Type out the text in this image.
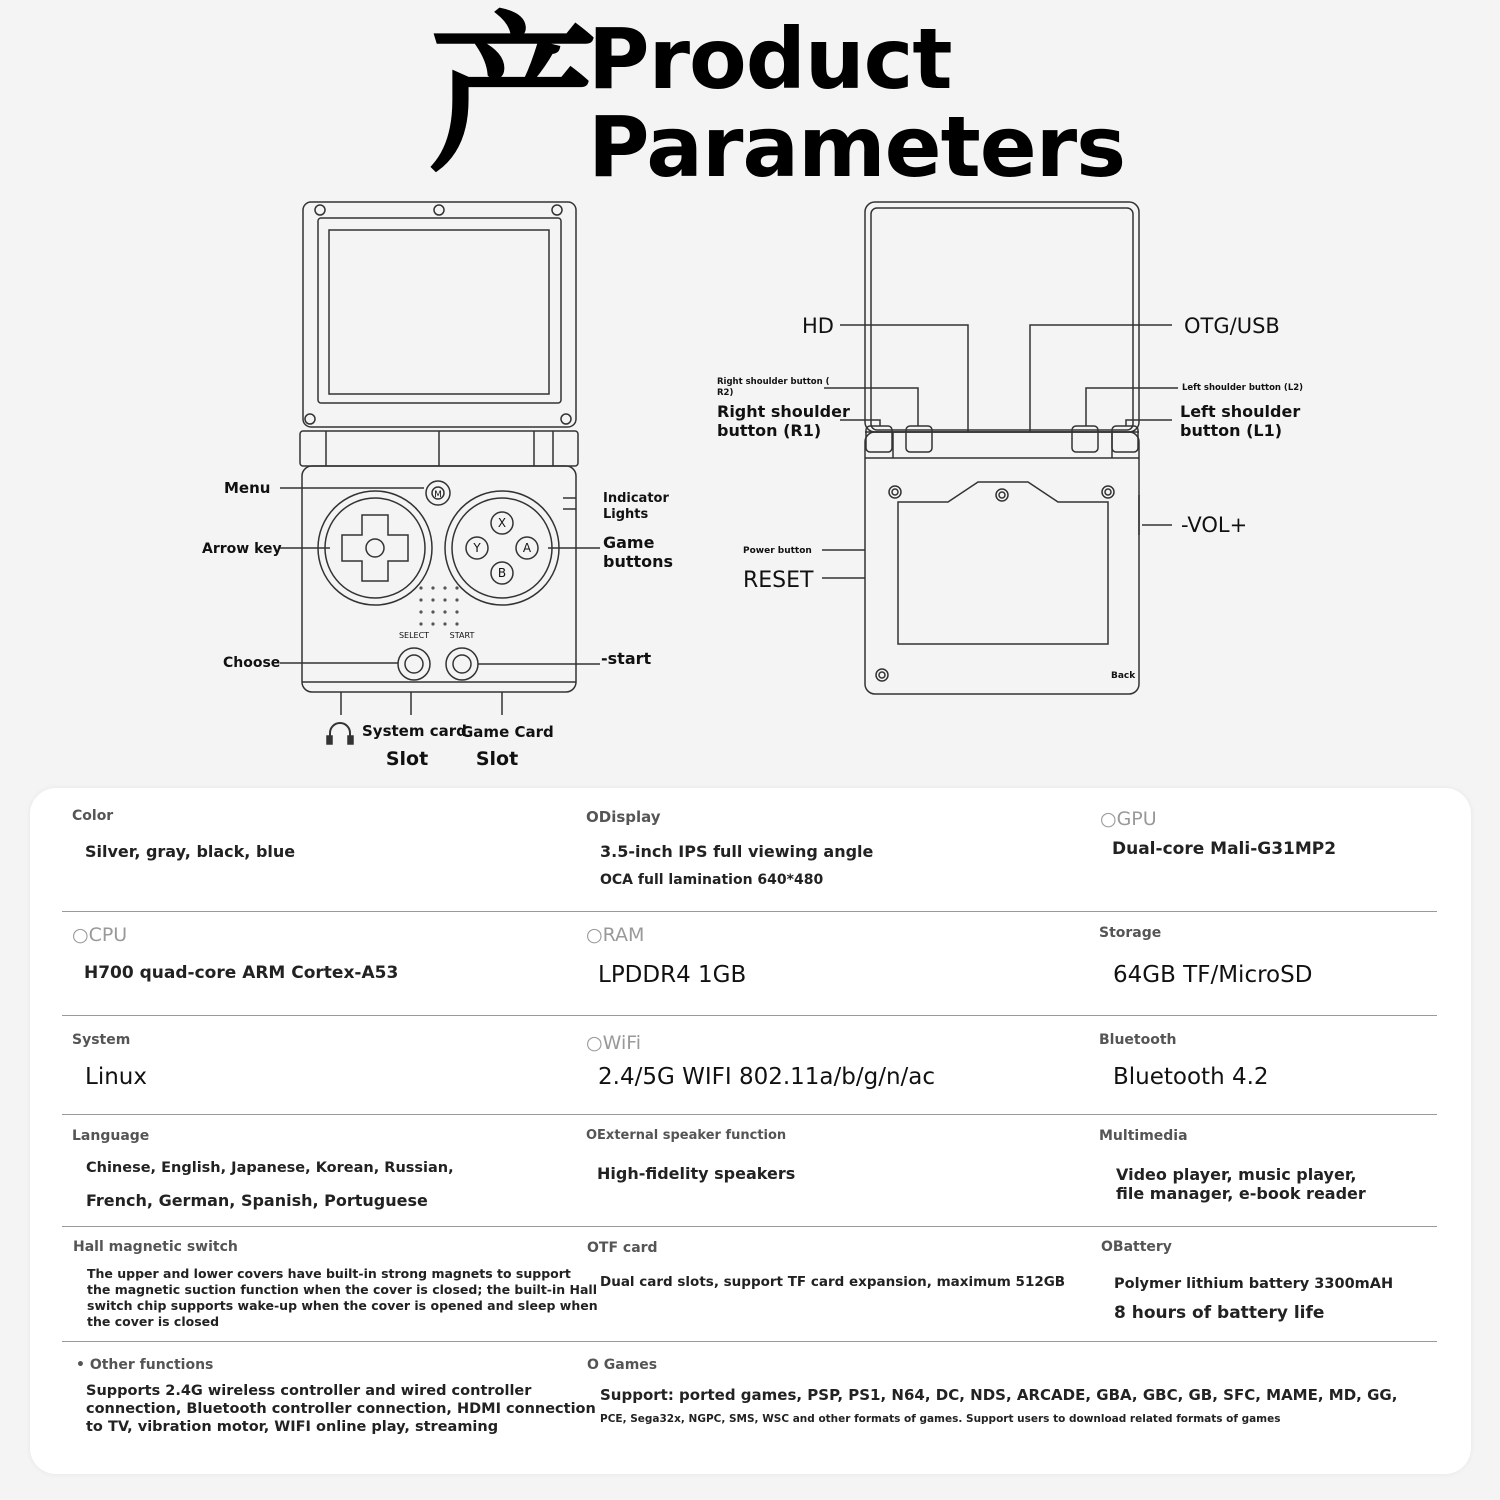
产
Product
Parameters
M
X
Y	A
B
SELECT	START
Menu
Arrow key
Choose
Indicator
Lights
Game
buttons
-start
System card
Slot
Game Card
Slot
HD	OTG/USB
Right shoulder button (
R2)
Right shoulder
button (R1)
Left shoulder button (L2)
Left shoulder
button (L1)
-VOL+
Power button
RESET
Back
Color
Silver, gray, black, blue
ODisplay
3.5-inch IPS full viewing angle
OCA full lamination 640*480
○GPU
Dual-core Mali-G31MP2
○CPU
H700 quad-core ARM Cortex-A53
○RAM
LPDDR4 1GB
Storage
64GB TF/MicroSD
System
Linux
○WiFi
2.4/5G WIFI 802.11a/b/g/n/ac
Bluetooth
Bluetooth 4.2
Language
Chinese, English, Japanese, Korean, Russian,
French, German, Spanish, Portuguese
OExternal speaker function
High-fidelity speakers
Multimedia
Video player, music player,
file manager, e-book reader
Hall magnetic switch
The upper and lower covers have built-in strong magnets to support
the magnetic suction function when the cover is closed; the built-in Hall
switch chip supports wake-up when the cover is opened and sleep when
the cover is closed
OTF card
Dual card slots, support TF card expansion, maximum 512GB
OBattery
Polymer lithium battery 3300mAH
8 hours of battery life
• Other functions
Supports 2.4G wireless controller and wired controller
connection, Bluetooth controller connection, HDMI connection
to TV, vibration motor, WIFI online play, streaming
O Games
Support: ported games, PSP, PS1, N64, DC, NDS, ARCADE, GBA, GBC, GB, SFC, MAME, MD, GG,
PCE, Sega32x, NGPC, SMS, WSC and other formats of games. Support users to download related formats of games
